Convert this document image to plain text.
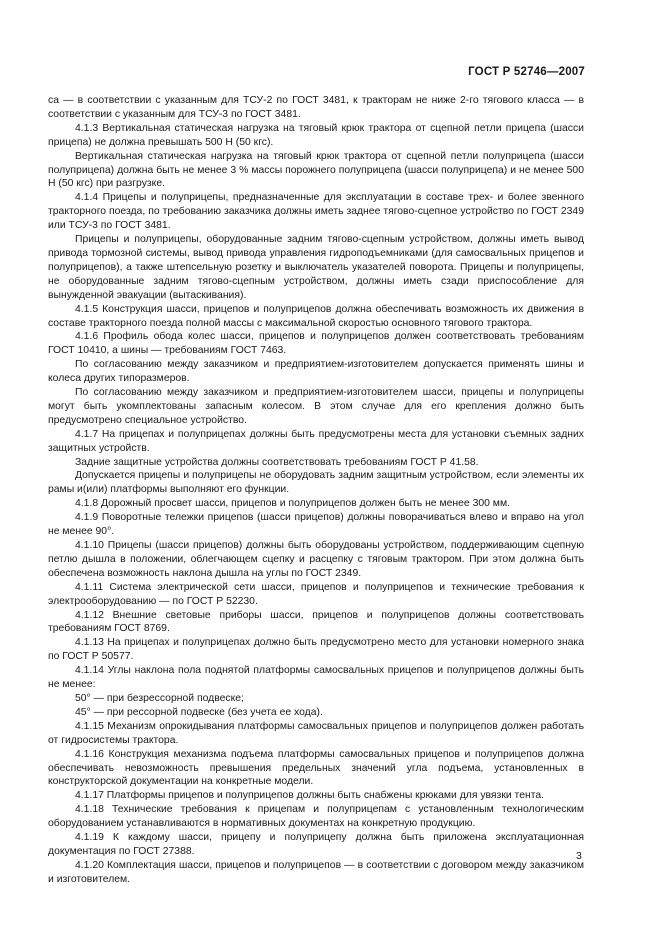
ГОСТ Р 52746—2007

са — в соответствии с указанным для ТСУ-2 по ГОСТ 3481, к тракторам не ниже 2-го тягового класса — в соответствии с указанным для ТСУ-3 по ГОСТ 3481.

4.1.3 Вертикальная статическая нагрузка на тяговый крюк трактора от сцепной петли прицепа (шасси прицепа) не должна превышать 500 Н (50 кгс).

Вертикальная статическая нагрузка на тяговый крюк трактора от сцепной петли полуприцепа (шасси полуприцепа) должна быть не менее 3 % массы порожнего полуприцепа (шасси полуприцепа) и не менее 500 Н (50 кгс) при разгрузке.

4.1.4 Прицепы и полуприцепы, предназначенные для эксплуатации в составе трех- и более звенного тракторного поезда, по требованию заказчика должны иметь заднее тягово-сцепное устройство по ГОСТ 2349 или ТСУ-3 по ГОСТ 3481.

Прицепы и полуприцепы, оборудованные задним тягово-сцепным устройством, должны иметь вывод привода тормозной системы, вывод привода управления гидроподъемниками (для самосвальных прицепов и полуприцепов), а также штепсельную розетку и выключатель указателей поворота. Прицепы и полуприцепы, не оборудованные задним тягово-сцепным устройством, должны иметь сзади приспособление для вынужденной эвакуации (вытаскивания).

4.1.5 Конструкция шасси, прицепов и полуприцепов должна обеспечивать возможность их движения в составе тракторного поезда полной массы с максимальной скоростью основного тягового трактора.

4.1.6 Профиль обода колес шасси, прицепов и полуприцепов должен соответствовать требованиям ГОСТ 10410, а шины — требованиям ГОСТ 7463.

По согласованию между заказчиком и предприятием-изготовителем допускается применять шины и колеса других типоразмеров.

По согласованию между заказчиком и предприятием-изготовителем шасси, прицепы и полуприцепы могут быть укомплектованы запасным колесом. В этом случае для его крепления должно быть предусмотрено специальное устройство.

4.1.7 На прицепах и полуприцепах должны быть предусмотрены места для установки съемных задних защитных устройств.

Задние защитные устройства должны соответствовать требованиям ГОСТ Р 41.58.

Допускается прицепы и полуприцепы не оборудовать задним защитным устройством, если элементы их рамы и(или) платформы выполняют его функции.

4.1.8 Дорожный просвет шасси, прицепов и полуприцепов должен быть не менее 300 мм.

4.1.9 Поворотные тележки прицепов (шасси прицепов) должны поворачиваться влево и вправо на угол не менее 90°.

4.1.10 Прицепы (шасси прицепов) должны быть оборудованы устройством, поддерживающим сцепную петлю дышла в положении, облегчающем сцепку и расцепку с тяговым трактором. При этом должна быть обеспечена возможность наклона дышла на углы по ГОСТ 2349.

4.1.11 Система электрической сети шасси, прицепов и полуприцепов и технические требования к электрооборудованию — по ГОСТ Р 52230.

4.1.12 Внешние световые приборы шасси, прицепов и полуприцепов должны соответствовать требованиям ГОСТ 8769.

4.1.13 На прицепах и полуприцепах должно быть предусмотрено место для установки номерного знака по ГОСТ Р 50577.

4.1.14 Углы наклона пола поднятой платформы самосвальных прицепов и полуприцепов должны быть не менее:

50° — при безрессорной подвеске;

45° — при рессорной подвеске (без учета ее хода).

4.1.15 Механизм опрокидывания платформы самосвальных прицепов и полуприцепов должен работать от гидросистемы трактора.

4.1.16 Конструкция механизма подъема платформы самосвальных прицепов и полуприцепов должна обеспечивать невозможность превышения предельных значений угла подъема, установленных в конструкторской документации на конкретные модели.

4.1.17 Платформы прицепов и полуприцепов должны быть снабжены крюками для увязки тента.

4.1.18 Технические требования к прицепам и полуприцепам с установленным технологическим оборудованием устанавливаются в нормативных документах на конкретную продукцию.

4.1.19 К каждому шасси, прицепу и полуприцепу должна быть приложена эксплуатационная документация по ГОСТ 27388.

4.1.20 Комплектация шасси, прицепов и полуприцепов — в соответствии с договором между заказчиком и изготовителем.

3
